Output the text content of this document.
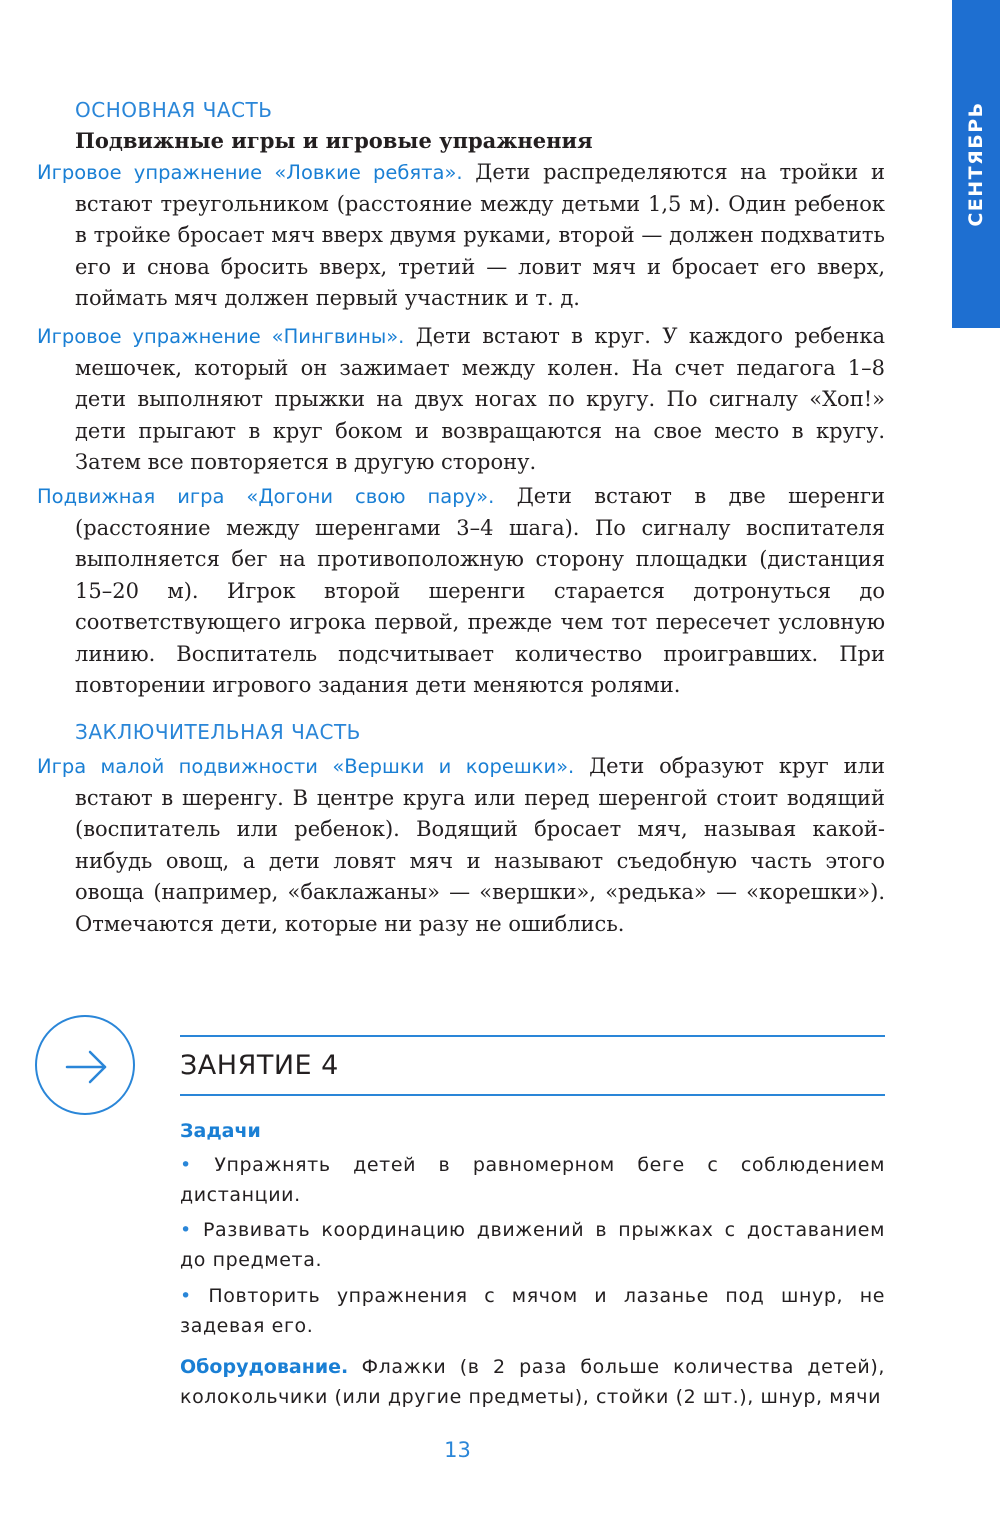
СЕНТЯБРЬ
ОСНОВНАЯ ЧАСТЬ
Подвижные игры и игровые упражнения

Игровое упражнение «Ловкие ребята». Дети распределяются на тройки и встают треугольником (расстояние между детьми 1,5 м). Один ребенок в тройке бросает мяч вверх двумя руками, второй — должен подхватить его и снова бросить вверх, третий — ловит мяч и бросает его вверх, поймать мяч должен первый участник и т. д.

Игровое упражнение «Пингвины». Дети встают в круг. У каждого ребенка мешочек, который он зажимает между колен. На счет педагога 1–8 дети выполняют прыжки на двух ногах по кругу. По сигналу «Хоп!» дети прыгают в круг боком и возвращаются на свое место в кругу. Затем все повторяется в другую сторону.

Подвижная игра «Догони свою пару». Дети встают в две шеренги (расстояние между шеренгами 3–4 шага). По сигналу воспитателя выполняется бег на противоположную сторону площадки (дистанция 15–20 м). Игрок второй шеренги старается дотронуться до соответствующего игрока первой, прежде чем тот пересечет условную линию. Воспитатель подсчитывает количество проигравших. При повторении игрового задания дети меняются ролями.

ЗАКЛЮЧИТЕЛЬНАЯ ЧАСТЬ

Игра малой подвижности «Вершки и корешки». Дети образуют круг или встают в шеренгу. В центре круга или перед шеренгой стоит водящий (воспитатель или ребенок). Водящий бросает мяч, называя какой-нибудь овощ, а дети ловят мяч и называют съедобную часть этого овоща (например, «баклажаны» — «вершки», «редька» — «корешки»). Отмечаются дети, которые ни разу не ошиблись.

ЗАНЯТИЕ 4
Задачи

• Упражнять детей в равномерном беге с соблюдением дистанции.

• Развивать координацию движений в прыжках с доставанием до предмета.

• Повторить упражнения с мячом и лазанье под шнур, не задевая его.

Оборудование. Флажки (в 2 раза больше количества детей), колокольчики (или другие предметы), стойки (2 шт.), шнур, мячи

13
